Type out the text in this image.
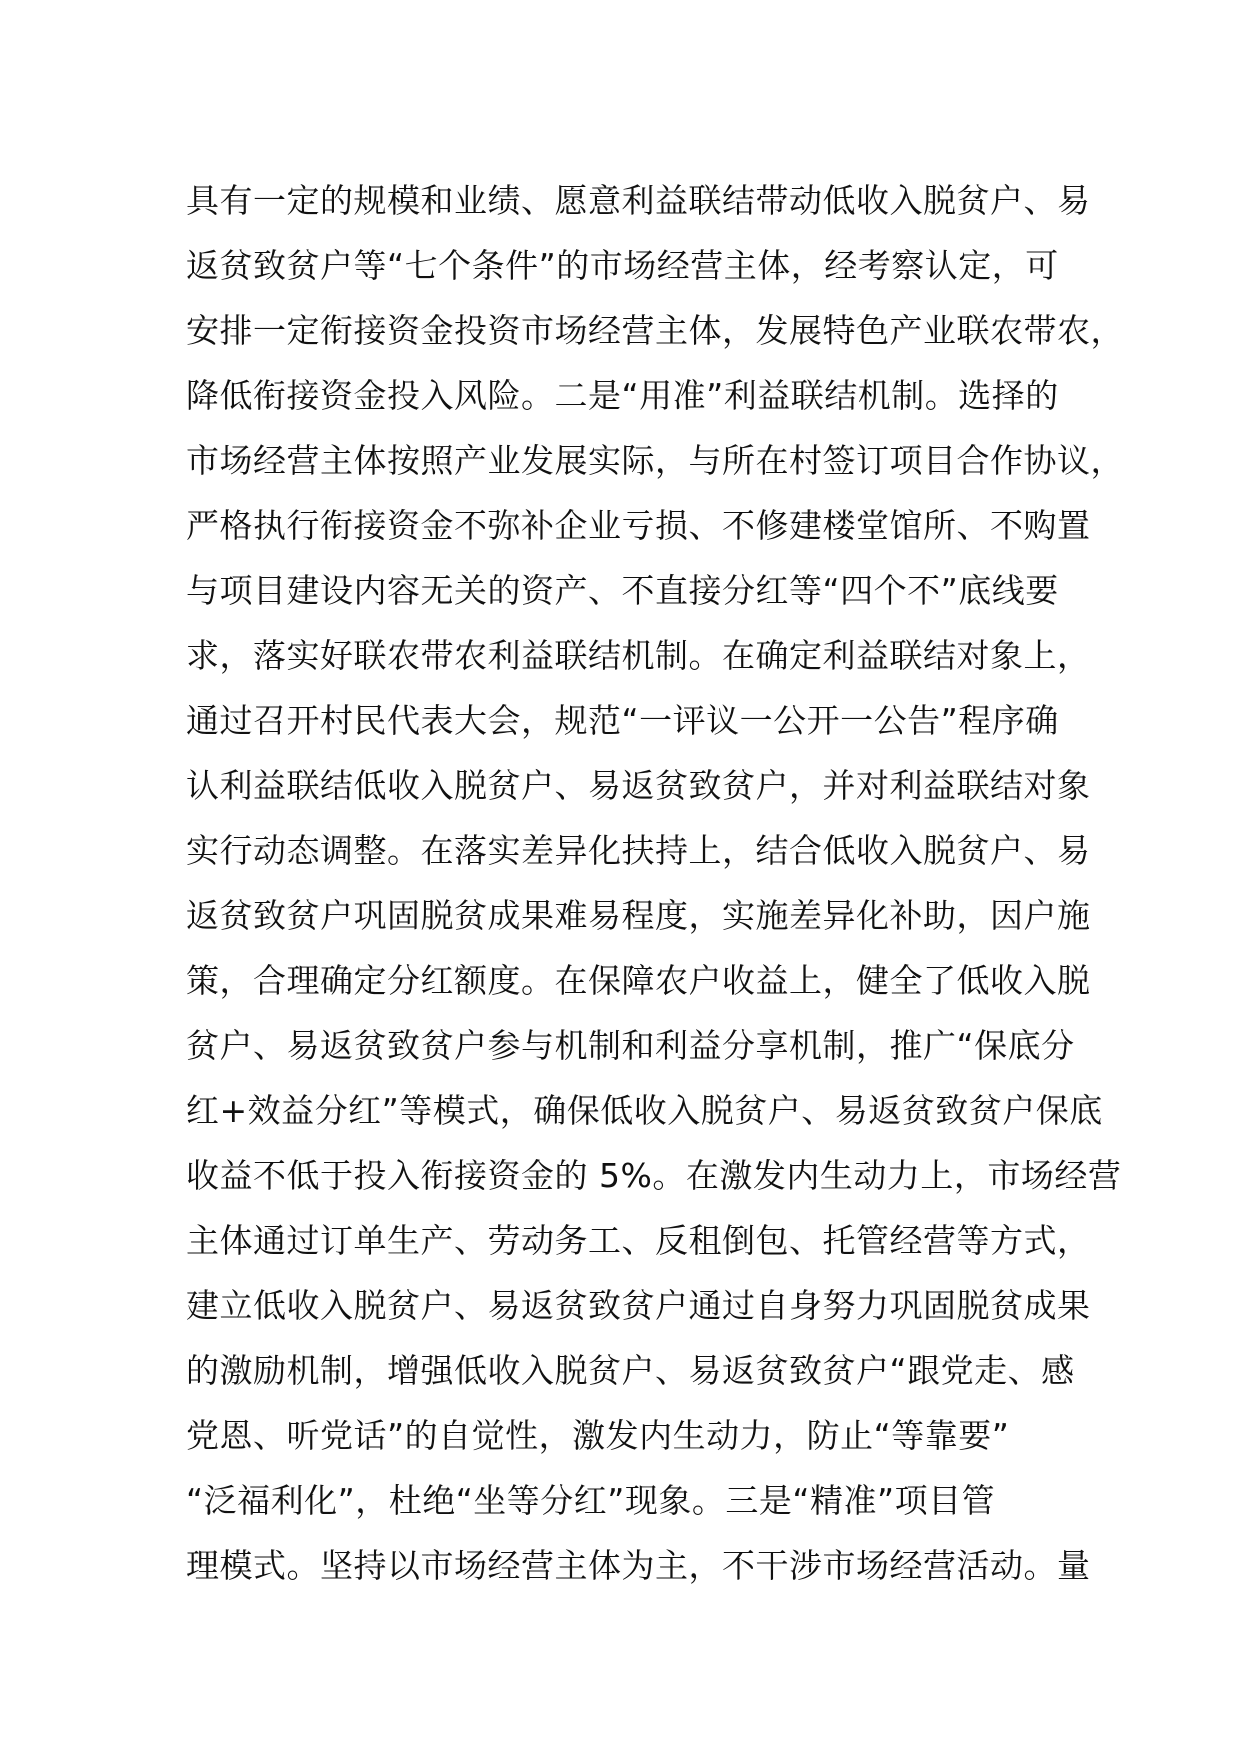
具有一定的规模和业绩、愿意利益联结带动低收入脱贫户、易
返贫致贫户等“七个条件”的市场经营主体，经考察认定，可
安排一定衔接资金投资市场经营主体，发展特色产业联农带农，
降低衔接资金投入风险。二是“用准”利益联结机制。选择的
市场经营主体按照产业发展实际，与所在村签订项目合作协议，
严格执行衔接资金不弥补企业亏损、不修建楼堂馆所、不购置
与项目建设内容无关的资产、不直接分红等“四个不”底线要
求，落实好联农带农利益联结机制。在确定利益联结对象上，
通过召开村民代表大会，规范“一评议一公开一公告”程序确
认利益联结低收入脱贫户、易返贫致贫户，并对利益联结对象
实行动态调整。在落实差异化扶持上，结合低收入脱贫户、易
返贫致贫户巩固脱贫成果难易程度，实施差异化补助，因户施
策，合理确定分红额度。在保障农户收益上，健全了低收入脱
贫户、易返贫致贫户参与机制和利益分享机制，推广“保底分
红+效益分红”等模式，确保低收入脱贫户、易返贫致贫户保底
收益不低于投入衔接资金的 5%。在激发内生动力上，市场经营
主体通过订单生产、劳动务工、反租倒包、托管经营等方式，
建立低收入脱贫户、易返贫致贫户通过自身努力巩固脱贫成果
的激励机制，增强低收入脱贫户、易返贫致贫户“跟党走、感
党恩、听党话”的自觉性，激发内生动力，防止“等靠要”
“泛福利化”，杜绝“坐等分红”现象。三是“精准”项目管
理模式。坚持以市场经营主体为主，不干涉市场经营活动。量
